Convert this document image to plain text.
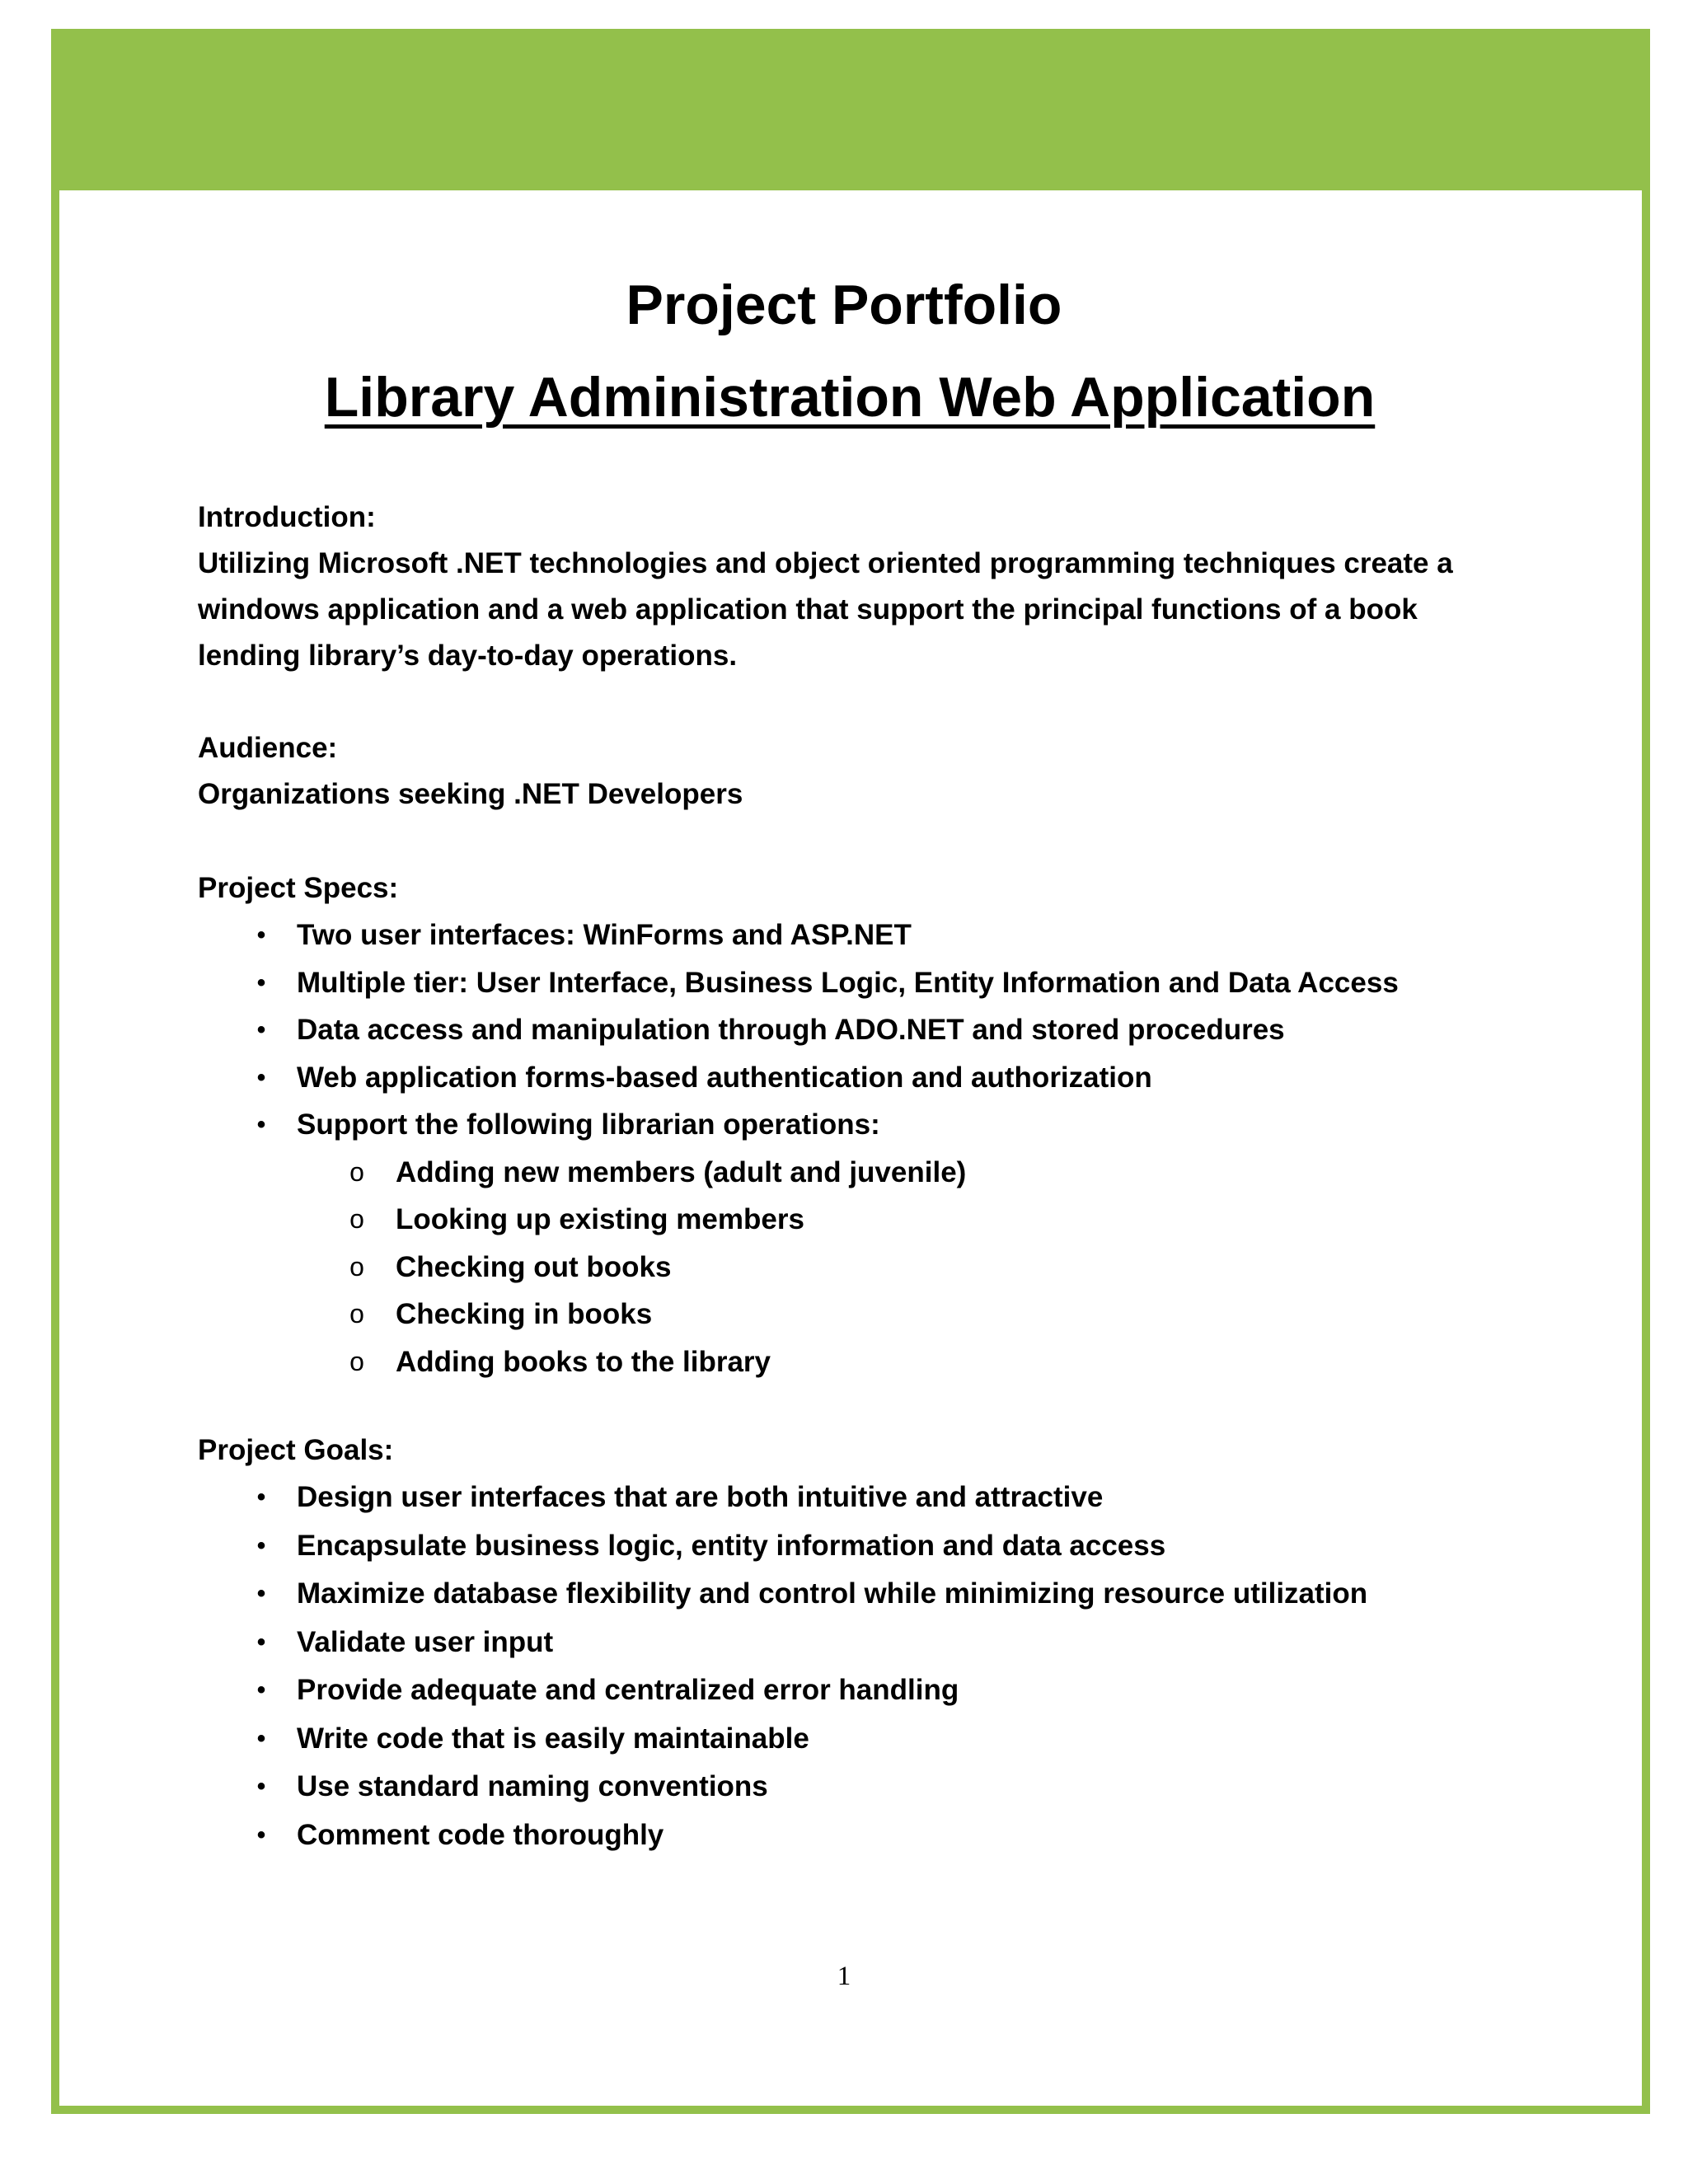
Project Portfolio
Library Administration Web Application

Introduction:

Utilizing Microsoft .NET technologies and object oriented programming techniques create a

windows application and a web application that support the principal functions of a book

lending library’s day-to-day operations.

Audience:

Organizations seeking .NET Developers

Project Specs:

• Two user interfaces: WinForms and ASP.NET
• Multiple tier: User Interface, Business Logic, Entity Information and Data Access
• Data access and manipulation through ADO.NET and stored procedures
• Web application forms-based authentication and authorization
• Support the following librarian operations:
o Adding new members (adult and juvenile)
o Looking up existing members
o Checking out books
o Checking in books
o Adding books to the library

Project Goals:

• Design user interfaces that are both intuitive and attractive
• Encapsulate business logic, entity information and data access
• Maximize database flexibility and control while minimizing resource utilization
• Validate user input
• Provide adequate and centralized error handling
• Write code that is easily maintainable
• Use standard naming conventions
• Comment code thoroughly
1
